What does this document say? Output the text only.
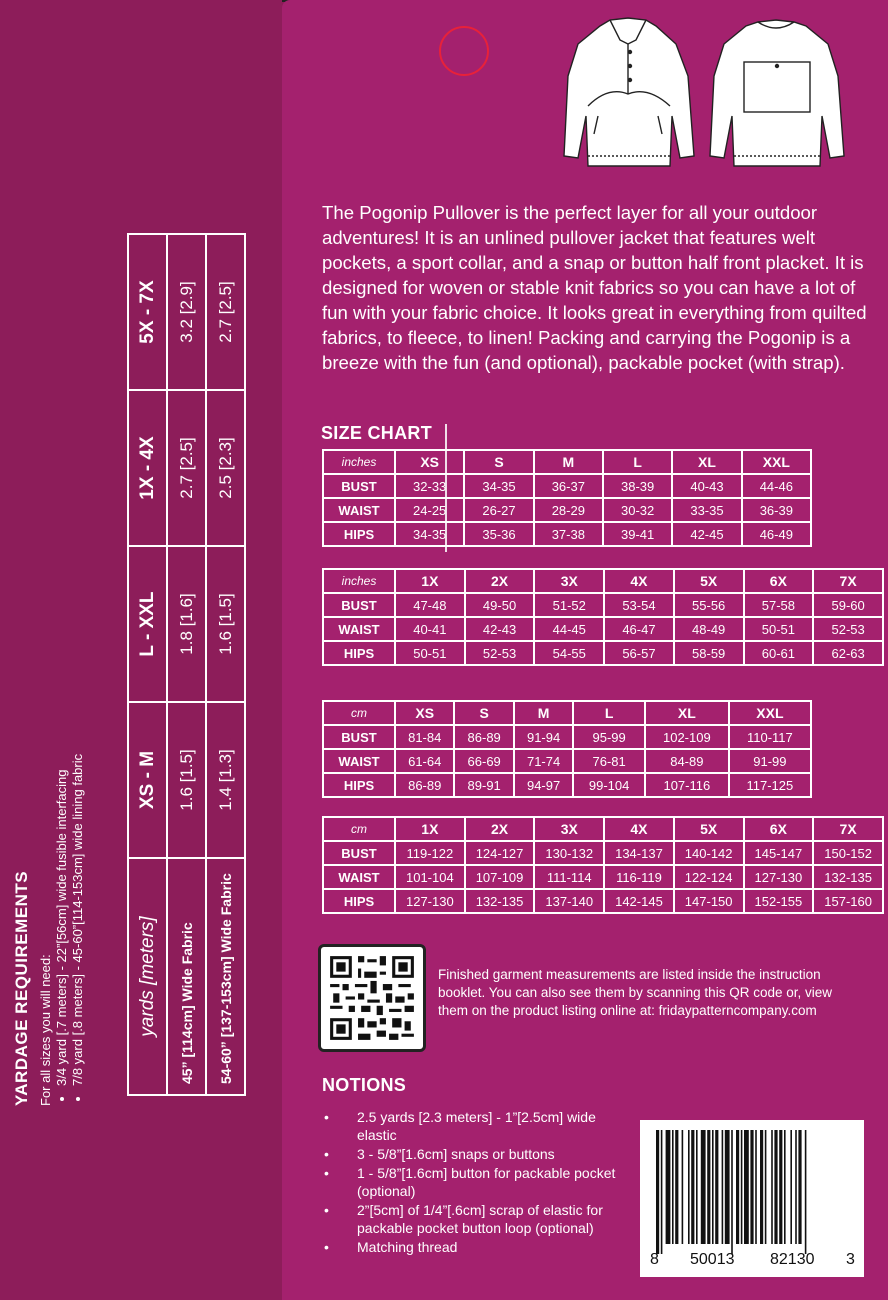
YARDAGE REQUIREMENTS For all sizes you will need: • 3/4 yard [.7 meters] - 22”[56cm] wide fusible interfacing • 7/8 yard [.8 meters] - 45-60”[114-153cm] wide lining fabric	yards [meters]	XS - M	L - XXL	1X - 4X	5X - 7X
45” [114cm] Wide Fabric	1.6 [1.5]	1.8 [1.6]	2.7 [2.5]	3.2 [2.9]
54-60” [137-153cm] Wide Fabric	1.4 [1.3]	1.6 [1.5]	2.5 [2.3]	2.7 [2.5]

The Pogonip Pullover is the perfect layer for all your outdoor adventures! It is an unlined pullover jacket that features welt pockets, a sport collar, and a snap or button half front placket. It is designed for woven or stable knit fabrics so you can have a lot of fun with your fabric choice. It looks great in everything from quilted fabrics, to fleece, to linen! Packing and carrying the Pogonip is a breeze with the fun (and optional), packable pocket (with strap).

SIZE CHART
inches	XS	S	M	L	XL	XXL
BUST	32-33	34-35	36-37	38-39	40-43	44-46
WAIST	24-25	26-27	28-29	30-32	33-35	36-39
HIPS	34-35	35-36	37-38	39-41	42-45	46-49
inches	1X	2X	3X	4X	5X	6X	7X
BUST	47-48	49-50	51-52	53-54	55-56	57-58	59-60
WAIST	40-41	42-43	44-45	46-47	48-49	50-51	52-53
HIPS	50-51	52-53	54-55	56-57	58-59	60-61	62-63
cm	XS	S	M	L	XL	XXL
BUST	81-84	86-89	91-94	95-99	102-109	110-117
WAIST	61-64	66-69	71-74	76-81	84-89	91-99
HIPS	86-89	89-91	94-97	99-104	107-116	117-125
cm	1X	2X	3X	4X	5X	6X	7X
BUST	119-122	124-127	130-132	134-137	140-142	145-147	150-152
WAIST	101-104	107-109	111-114	116-119	122-124	127-130	132-135
HIPS	127-130	132-135	137-140	142-145	147-150	152-155	157-160

Finished garment measurements are listed inside the instruction booklet. You can also see them by scanning this QR code or, view them on the product listing online at: fridaypatterncompany.com

NOTIONS
• 2.5 yards [2.3 meters] - 1”[2.5cm] wide elastic
• 3 - 5/8”[1.6cm] snaps or buttons
• 1 - 5/8”[1.6cm] button for packable pocket (optional)
• 2”[5cm] of 1/4”[.6cm] scrap of elastic for packable pocket button loop (optional)
• Matching thread
8 50013 82130 3
